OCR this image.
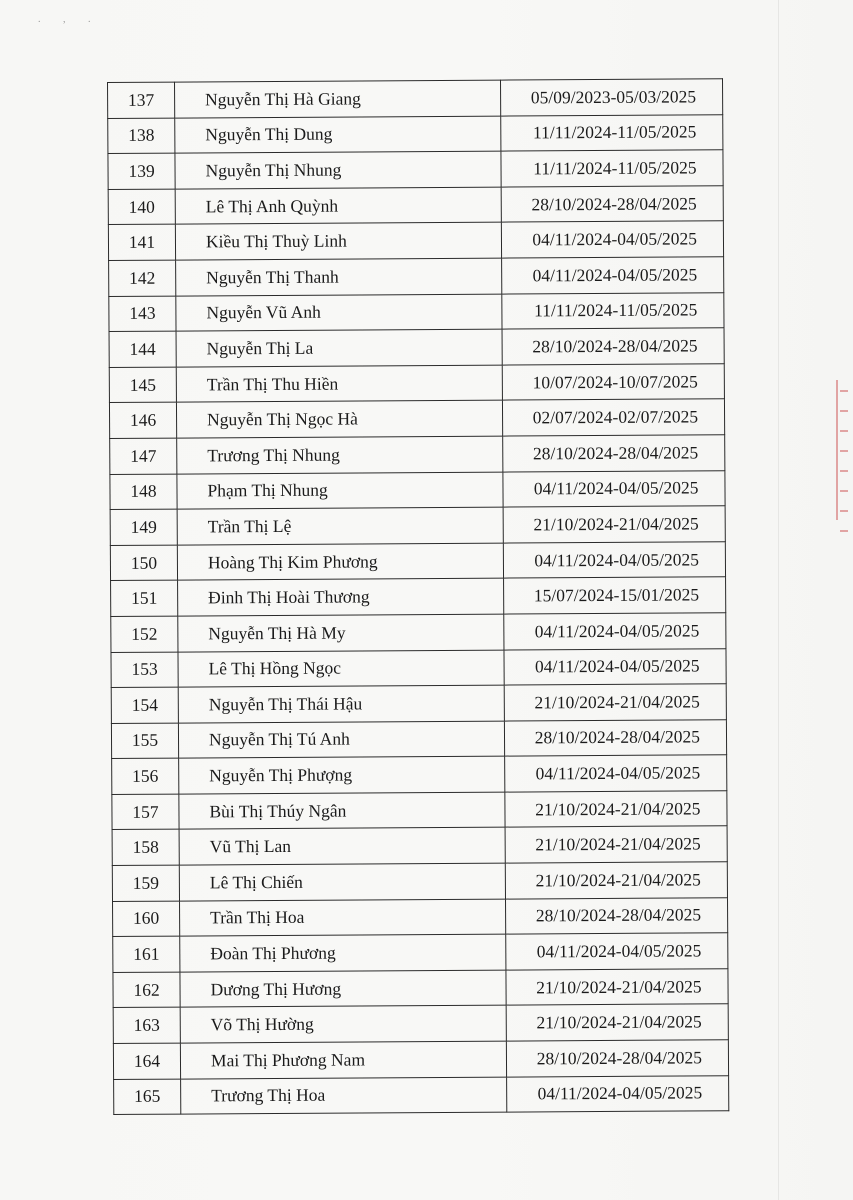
. , .
137	Nguyễn Thị Hà Giang	05/09/2023-05/03/2025
138	Nguyễn Thị Dung	11/11/2024-11/05/2025
139	Nguyễn Thị Nhung	11/11/2024-11/05/2025
140	Lê Thị Anh Quỳnh	28/10/2024-28/04/2025
141	Kiều Thị Thuỳ Linh	04/11/2024-04/05/2025
142	Nguyễn Thị Thanh	04/11/2024-04/05/2025
143	Nguyễn Vũ Anh	11/11/2024-11/05/2025
144	Nguyễn Thị La	28/10/2024-28/04/2025
145	Trần Thị Thu Hiền	10/07/2024-10/07/2025
146	Nguyễn Thị Ngọc Hà	02/07/2024-02/07/2025
147	Trương Thị Nhung	28/10/2024-28/04/2025
148	Phạm Thị Nhung	04/11/2024-04/05/2025
149	Trần Thị Lệ	21/10/2024-21/04/2025
150	Hoàng Thị Kim Phương	04/11/2024-04/05/2025
151	Đinh Thị Hoài Thương	15/07/2024-15/01/2025
152	Nguyễn Thị Hà My	04/11/2024-04/05/2025
153	Lê Thị Hồng Ngọc	04/11/2024-04/05/2025
154	Nguyễn Thị Thái Hậu	21/10/2024-21/04/2025
155	Nguyễn Thị Tú Anh	28/10/2024-28/04/2025
156	Nguyễn Thị Phượng	04/11/2024-04/05/2025
157	Bùi Thị Thúy Ngân	21/10/2024-21/04/2025
158	Vũ Thị Lan	21/10/2024-21/04/2025
159	Lê Thị Chiến	21/10/2024-21/04/2025
160	Trần Thị Hoa	28/10/2024-28/04/2025
161	Đoàn Thị Phương	04/11/2024-04/05/2025
162	Dương Thị Hương	21/10/2024-21/04/2025
163	Võ Thị Hường	21/10/2024-21/04/2025
164	Mai Thị Phương Nam	28/10/2024-28/04/2025
165	Trương Thị Hoa	04/11/2024-04/05/2025
